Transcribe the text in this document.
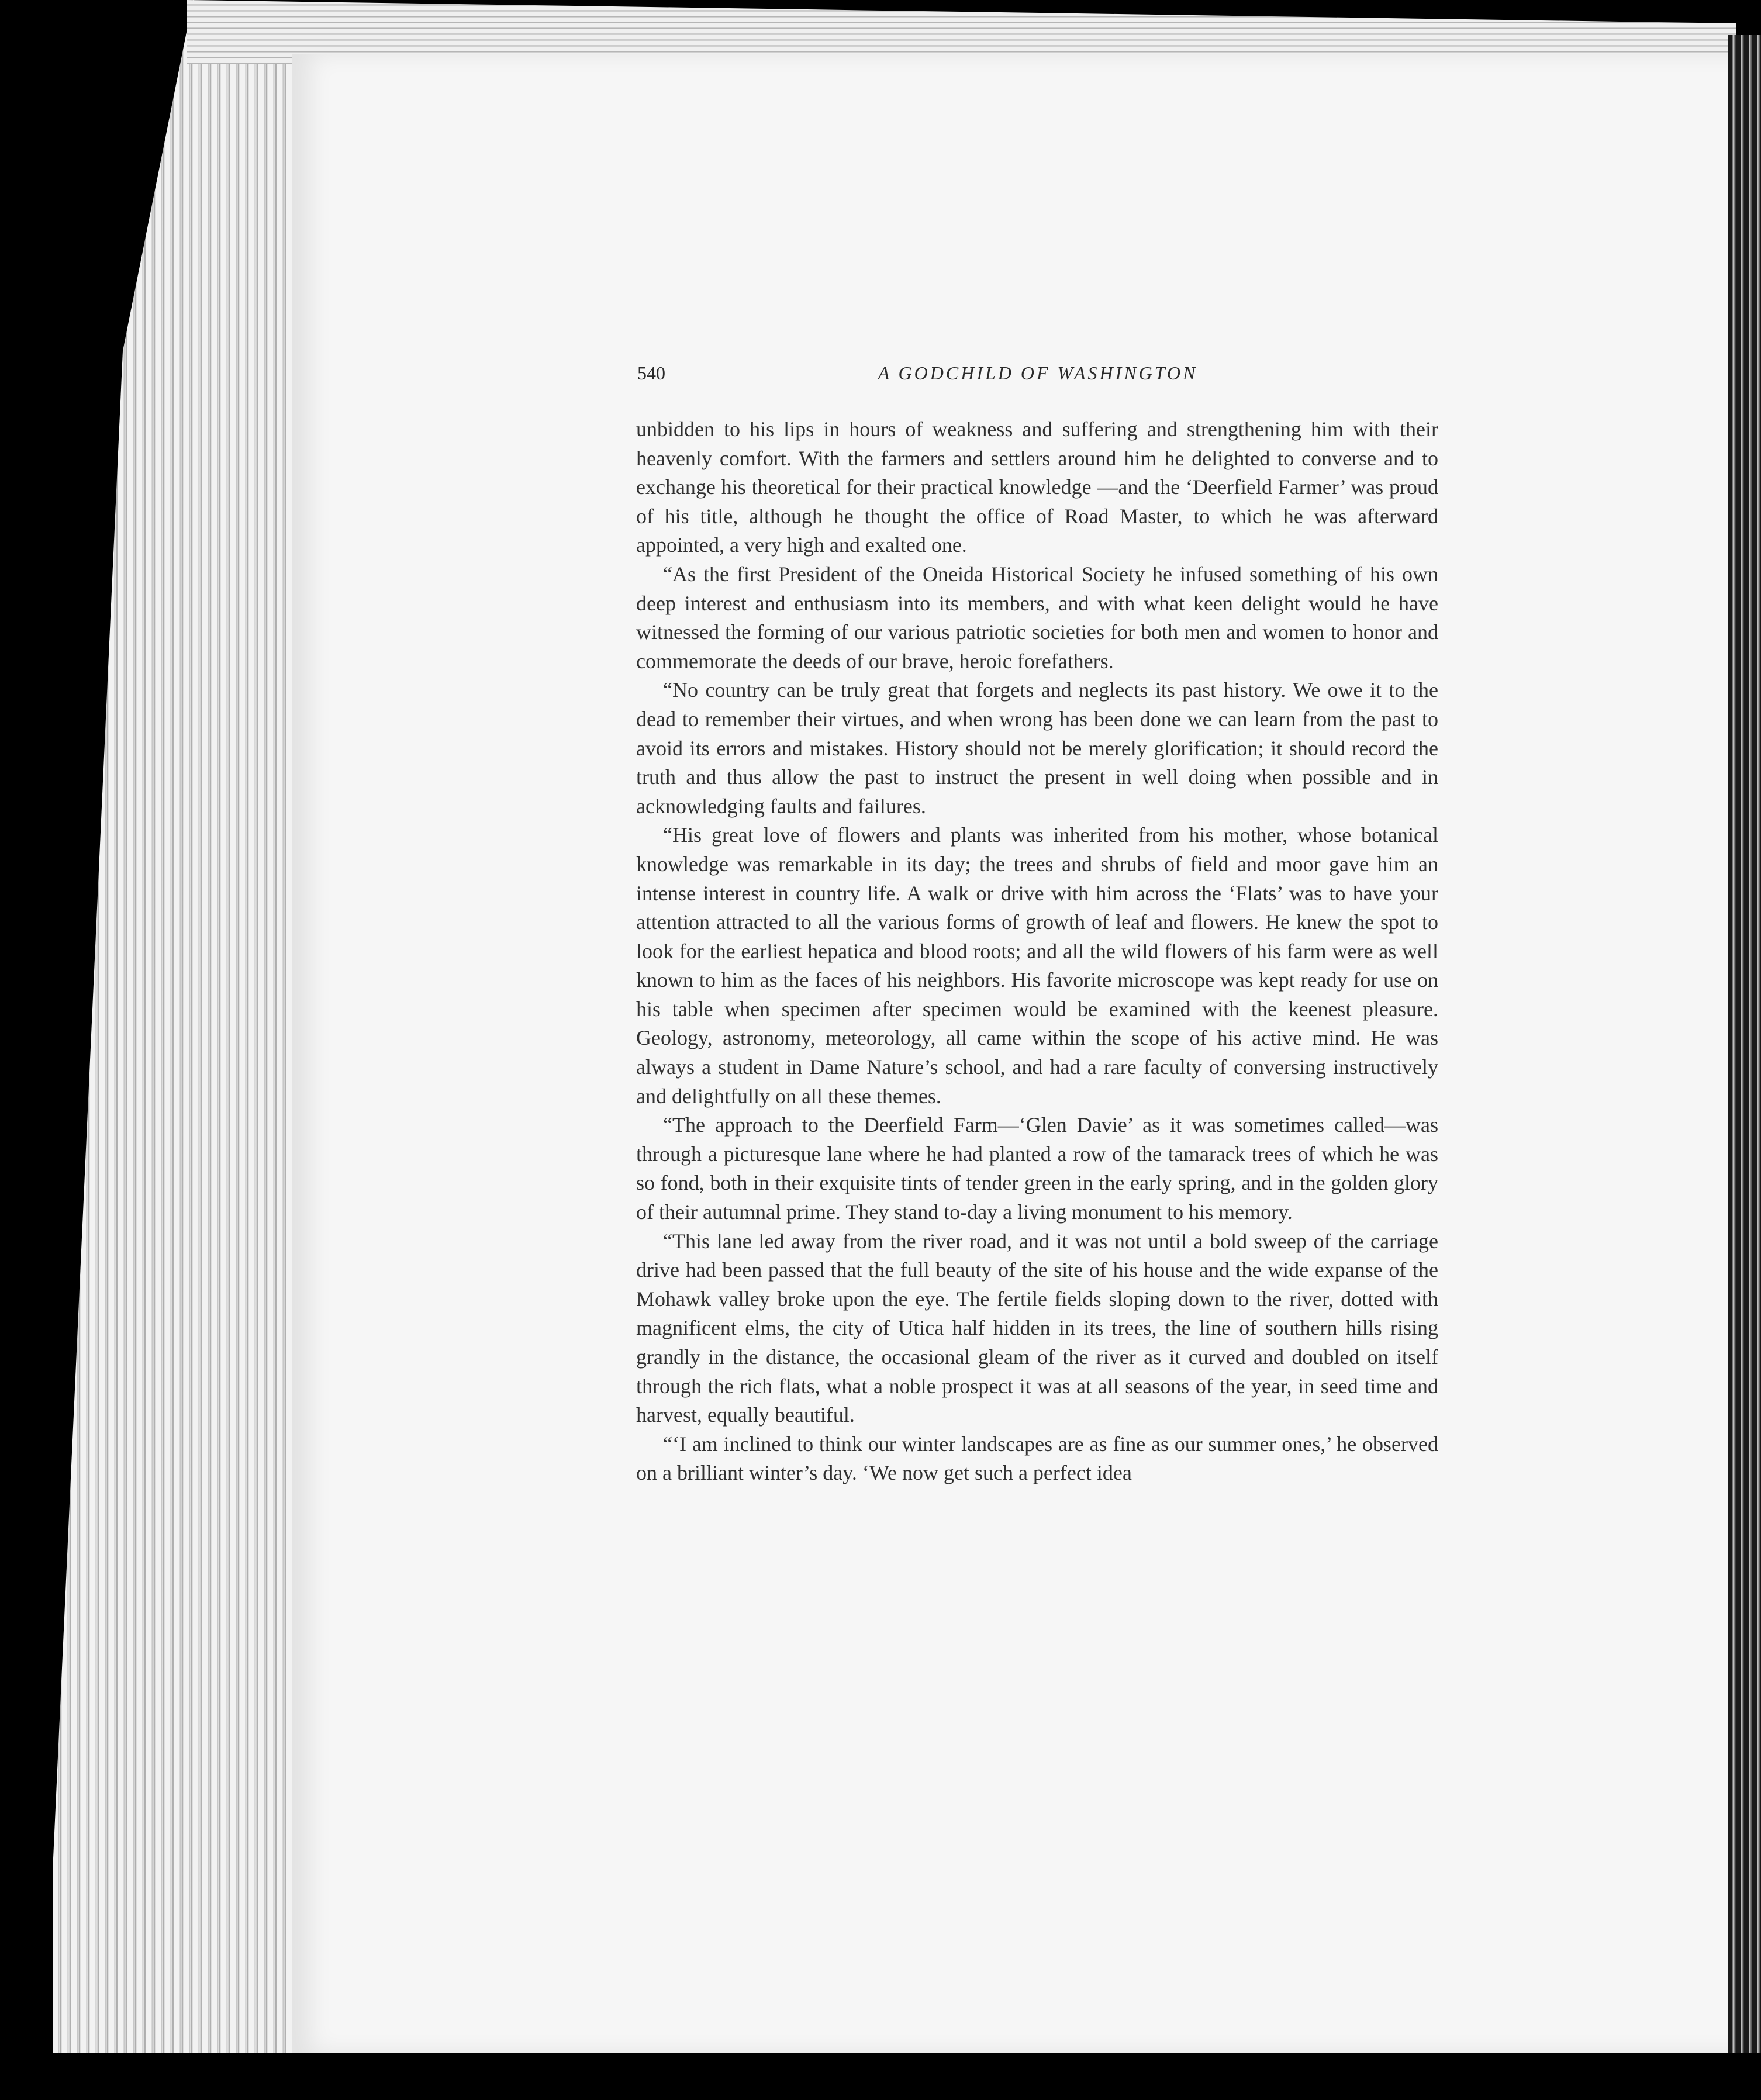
540	A GODCHILD OF WASHINGTON

unbidden to his lips in hours of weakness and suffering and strengthening him with their heavenly comfort. With the farmers and settlers around him he delighted to converse and to exchange his theoretical for their practical knowledge —and the ‘Deerfield Farmer’ was proud of his title, although he thought the office of Road Master, to which he was afterward appointed, a very high and exalted one.

“As the first President of the Oneida Historical Society he infused something of his own deep interest and enthusiasm into its members, and with what keen delight would he have witnessed the forming of our various patriotic societies for both men and women to honor and commemorate the deeds of our brave, heroic forefathers.

“No country can be truly great that forgets and neglects its past history. We owe it to the dead to remember their virtues, and when wrong has been done we can learn from the past to avoid its errors and mistakes. History should not be merely glorification; it should record the truth and thus allow the past to instruct the present in well doing when possible and in acknowledging faults and failures.

“His great love of flowers and plants was inherited from his mother, whose botanical knowledge was remarkable in its day; the trees and shrubs of field and moor gave him an intense interest in country life. A walk or drive with him across the ‘Flats’ was to have your attention attracted to all the various forms of growth of leaf and flowers. He knew the spot to look for the earliest hepatica and blood roots; and all the wild flowers of his farm were as well known to him as the faces of his neighbors. His favorite microscope was kept ready for use on his table when specimen after specimen would be examined with the keenest pleasure. Geology, astronomy, meteorology, all came within the scope of his active mind. He was always a student in Dame Nature’s school, and had a rare faculty of conversing instructively and delightfully on all these themes.

“The approach to the Deerfield Farm—‘Glen Davie’ as it was sometimes called—was through a picturesque lane where he had planted a row of the tamarack trees of which he was so fond, both in their exquisite tints of tender green in the early spring, and in the golden glory of their autumnal prime. They stand to-day a living monument to his memory.

“This lane led away from the river road, and it was not until a bold sweep of the carriage drive had been passed that the full beauty of the site of his house and the wide expanse of the Mohawk valley broke upon the eye. The fertile fields sloping down to the river, dotted with magnificent elms, the city of Utica half hidden in its trees, the line of southern hills rising grandly in the distance, the occasional gleam of the river as it curved and doubled on itself through the rich flats, what a noble prospect it was at all seasons of the year, in seed time and harvest, equally beautiful.

“‘I am inclined to think our winter landscapes are as fine as our summer ones,’ he observed on a brilliant winter’s day. ‘We now get such a perfect idea
